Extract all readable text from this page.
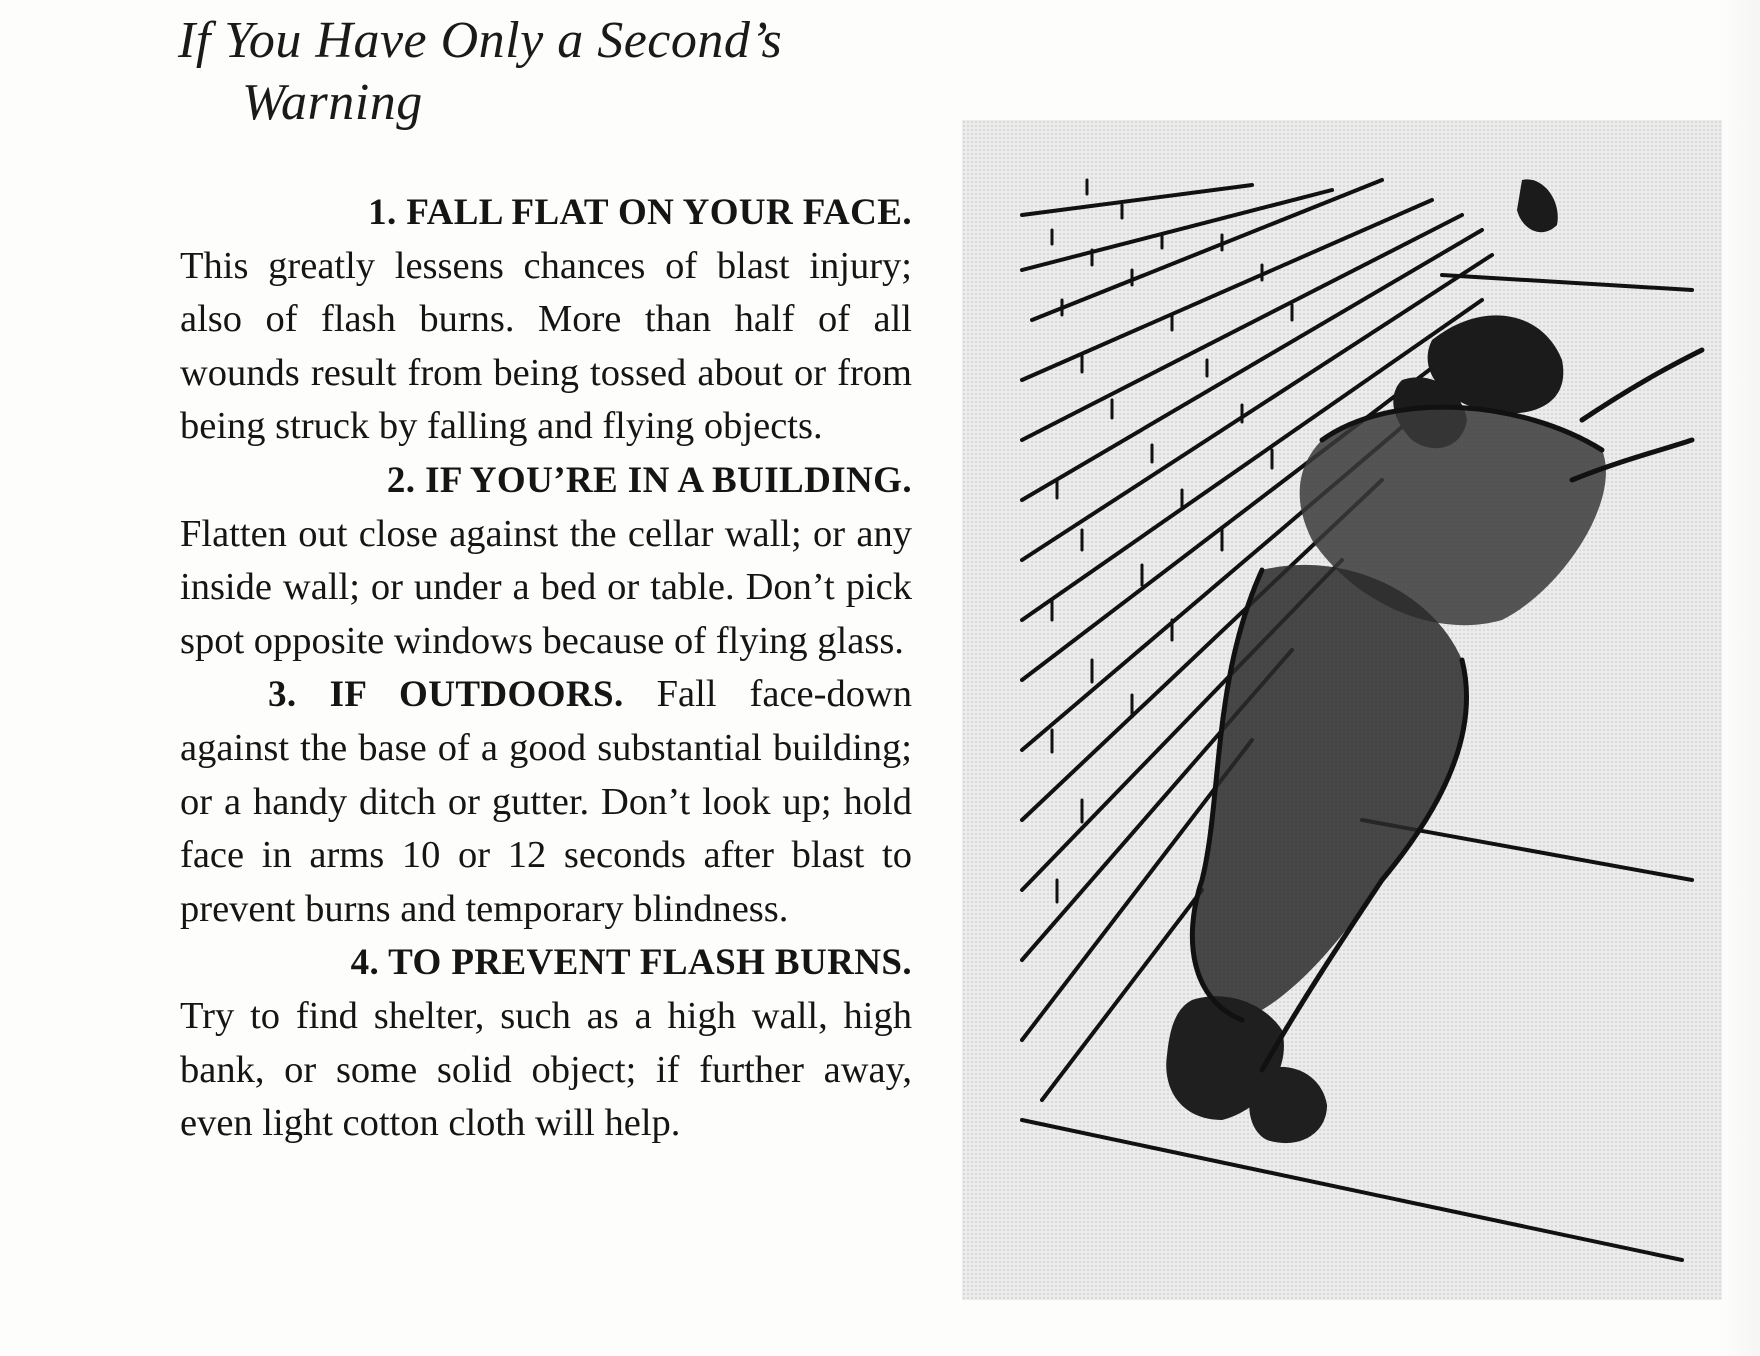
If You Have Only a Second’s
Warning

1. FALL FLAT ON YOUR FACE.
This greatly lessens chances of blast injury; also of flash burns. More than half of all wounds result from being tossed about or from being struck by falling and flying objects.

2. IF YOU’RE IN A BUILDING.
Flatten out close against the cellar wall; or any inside wall; or under a bed or table. Don’t pick spot opposite windows because of flying glass.

3. IF OUTDOORS. Fall face-down against the base of a good substantial building; or a handy ditch or gutter. Don’t look up; hold face in arms 10 or 12 seconds after blast to prevent burns and temporary blindness.

4. TO PREVENT FLASH BURNS.
Try to find shelter, such as a high wall, high bank, or some solid object; if further away, even light cotton cloth will help.
